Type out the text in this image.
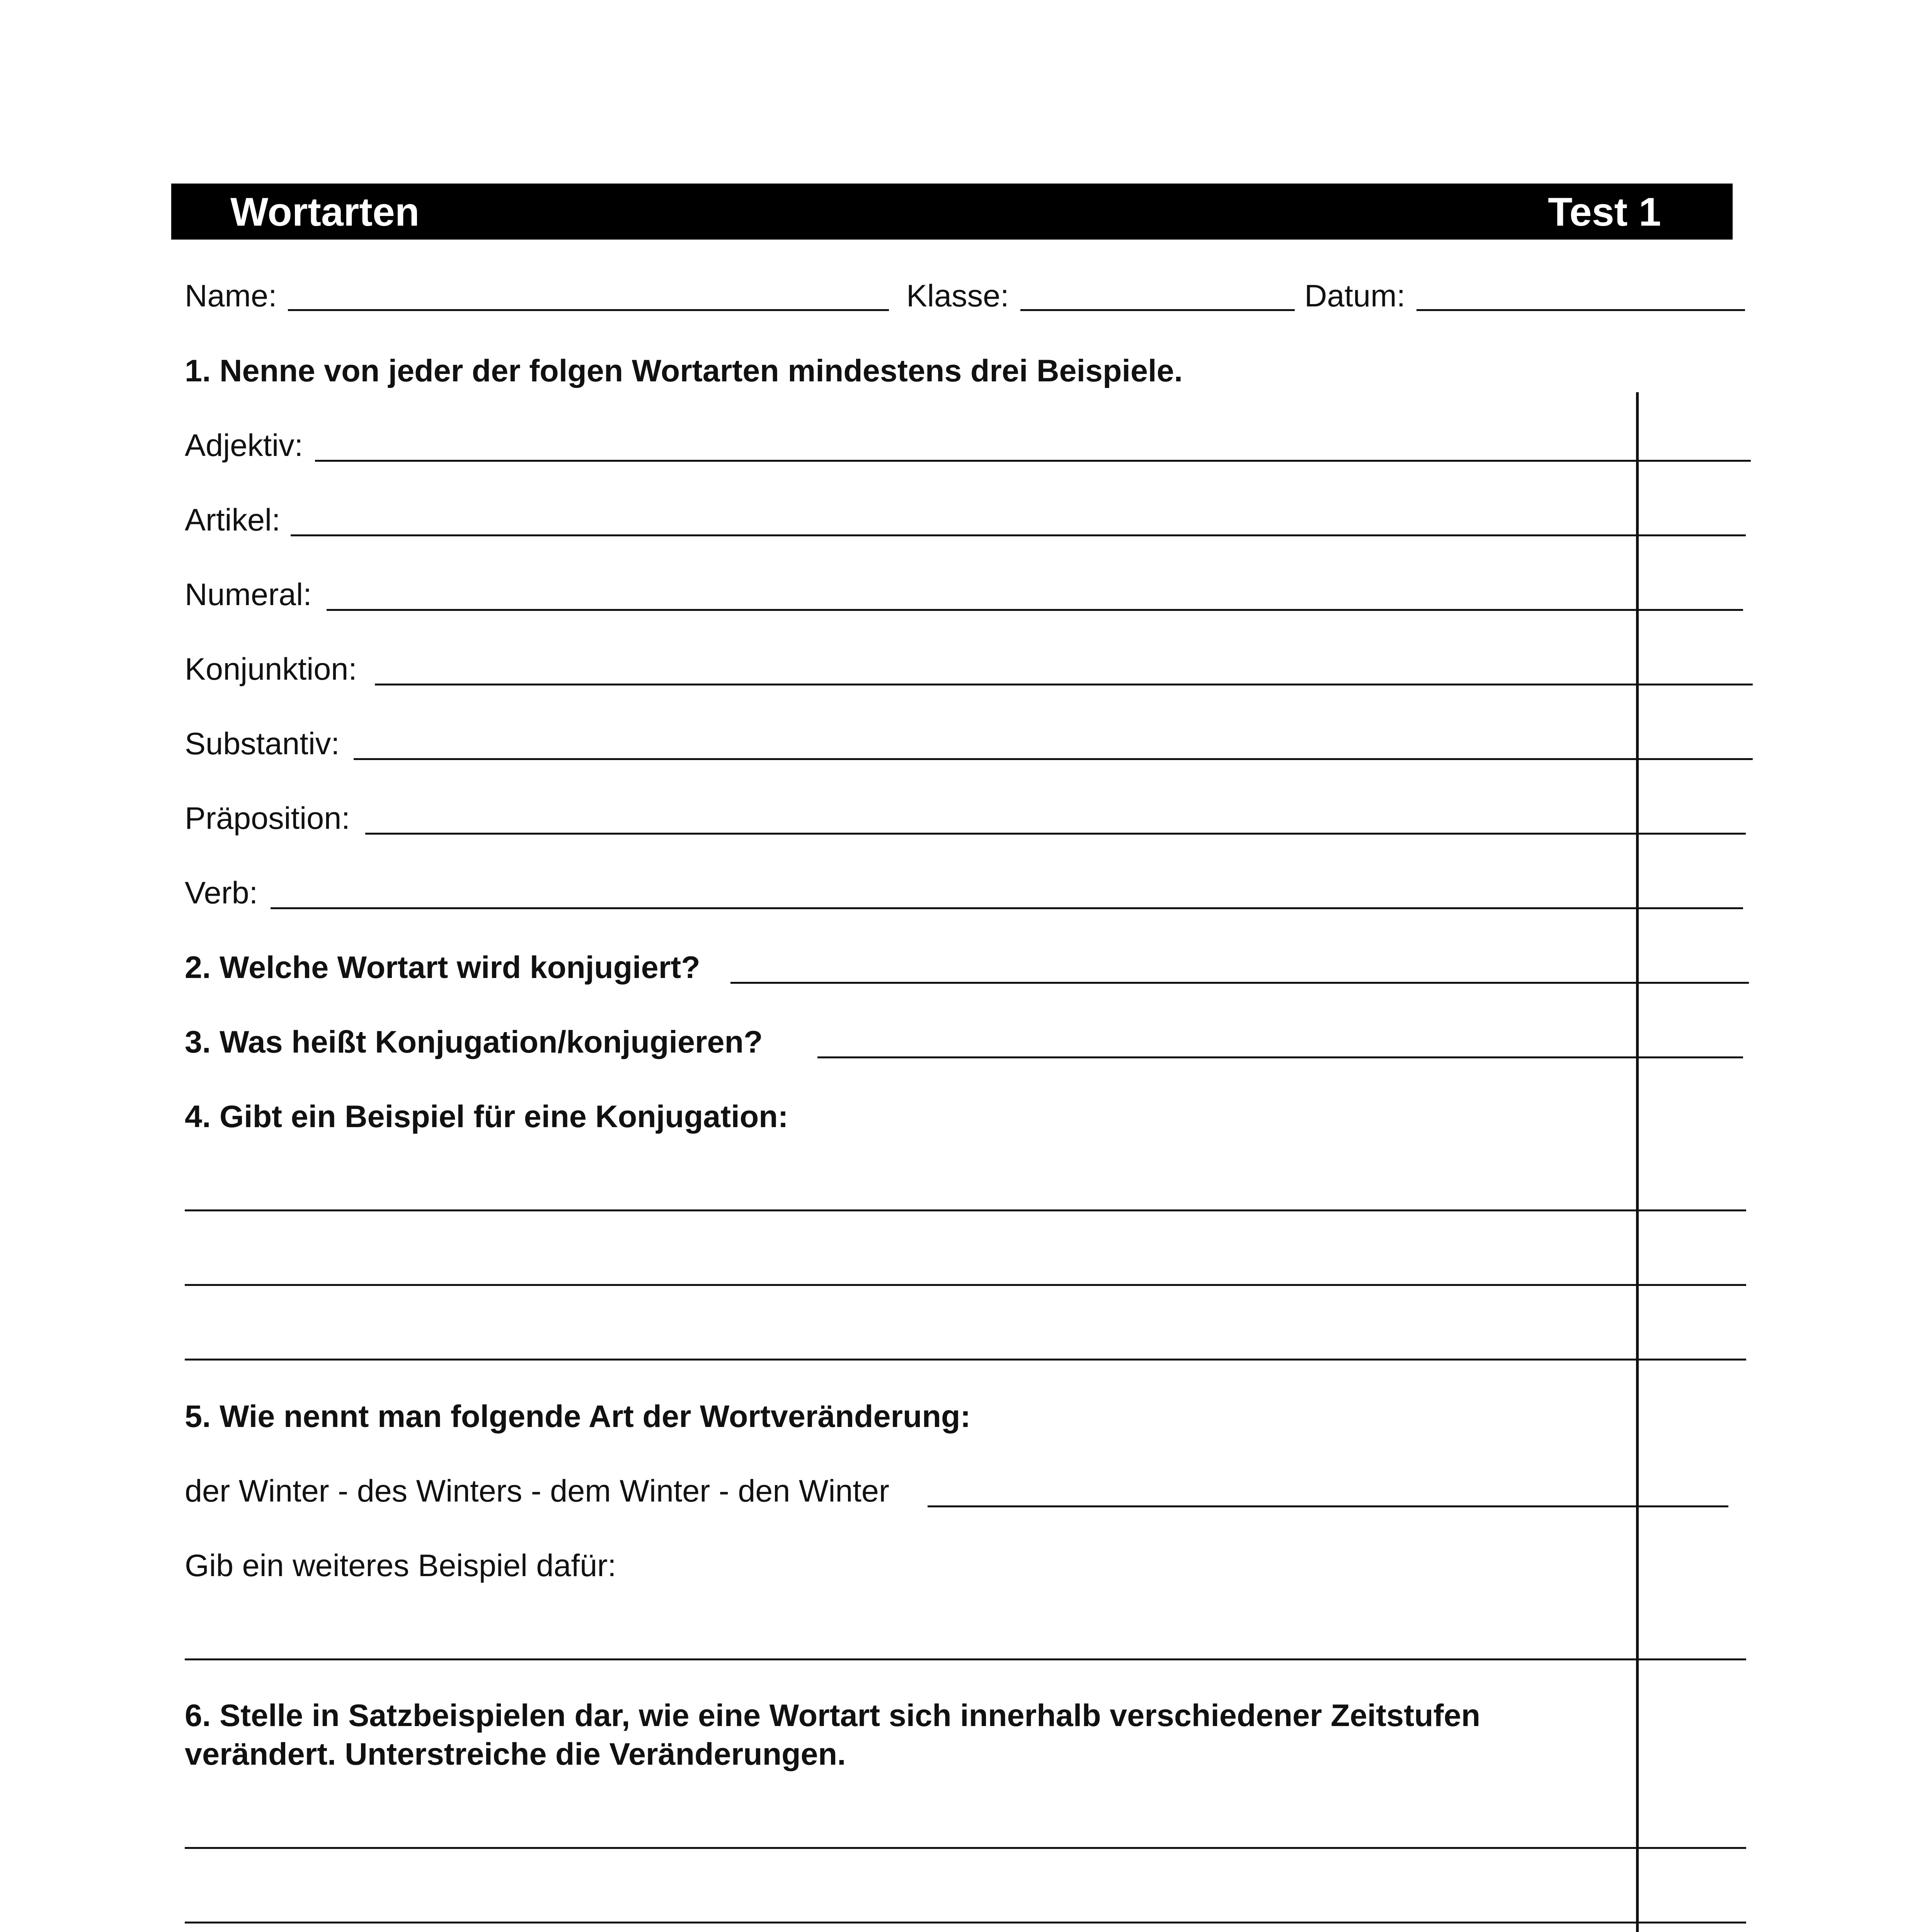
Wortarten	Test 1
Name:	Klasse:	Datum:
1. Nenne von jeder der folgen Wortarten mindestens drei Beispiele.
Adjektiv:
Artikel:
Numeral:
Konjunktion:
Substantiv:
Präposition:
Verb:
2. Welche Wortart wird konjugiert?
3. Was heißt Konjugation/konjugieren?
4. Gibt ein Beispiel für eine Konjugation:
5. Wie nennt man folgende Art der Wortveränderung:
der Winter - des Winters - dem Winter - den Winter
Gib ein weiteres Beispiel dafür:
6. Stelle in Satzbeispielen dar, wie eine Wortart sich innerhalb verschiedener Zeitstufen
verändert. Unterstreiche die Veränderungen.
